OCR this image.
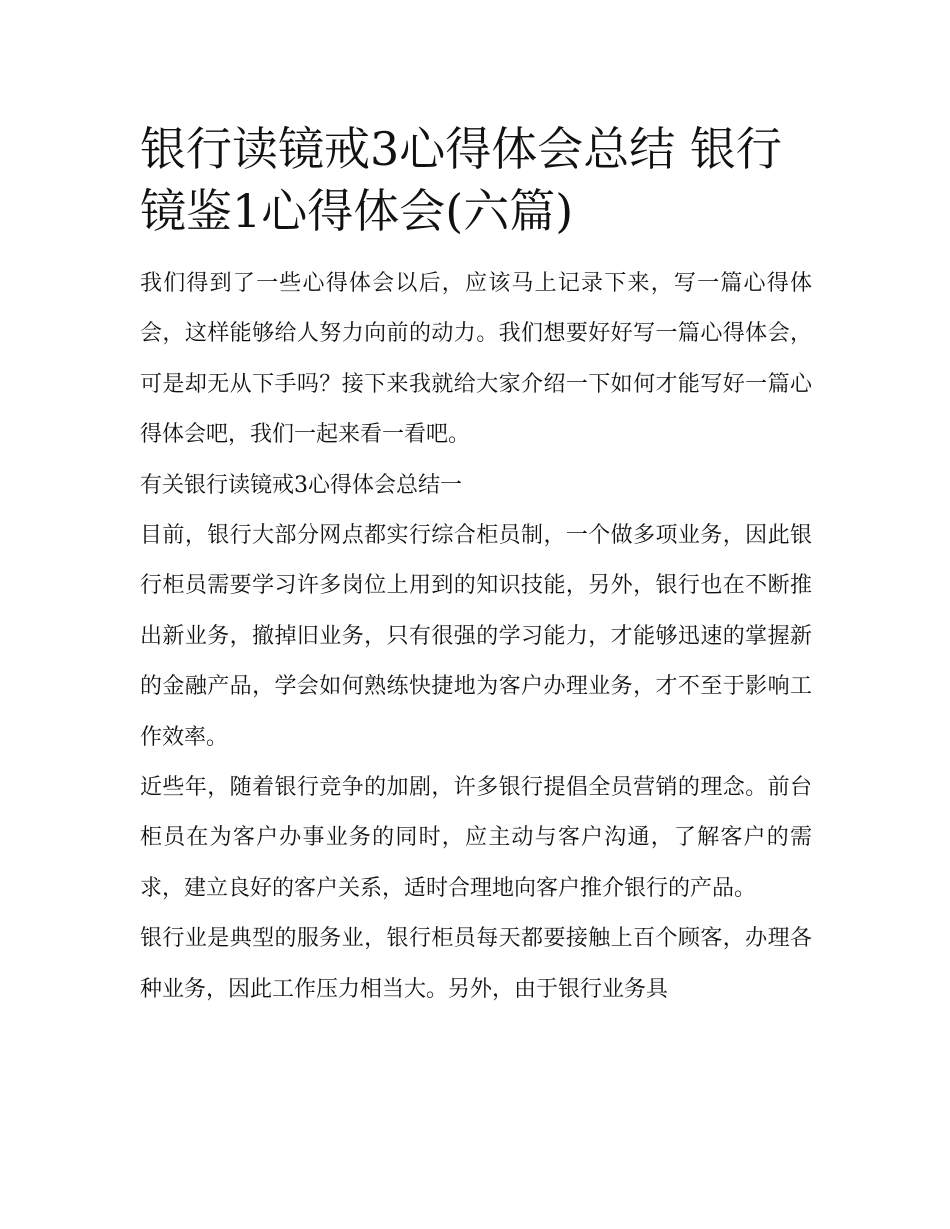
银行读镜戒3心得体会总结 银行镜鉴1心得体会(六篇)

我们得到了一些心得体会以后，应该马上记录下来，写一篇心得体会，这样能够给人努力向前的动力。我们想要好好写一篇心得体会，可是却无从下手吗？接下来我就给大家介绍一下如何才能写好一篇心得体会吧，我们一起来看一看吧。

有关银行读镜戒3心得体会总结一

目前，银行大部分网点都实行综合柜员制，一个做多项业务，因此银行柜员需要学习许多岗位上用到的知识技能，另外，银行也在不断推出新业务，撤掉旧业务，只有很强的学习能力，才能够迅速的掌握新的金融产品，学会如何熟练快捷地为客户办理业务，才不至于影响工作效率。

近些年，随着银行竞争的加剧，许多银行提倡全员营销的理念。前台柜员在为客户办事业务的同时，应主动与客户沟通，了解客户的需求，建立良好的客户关系，适时合理地向客户推介银行的产品。

银行业是典型的服务业，银行柜员每天都要接触上百个顾客，办理各种业务，因此工作压力相当大。另外，由于银行业务具
